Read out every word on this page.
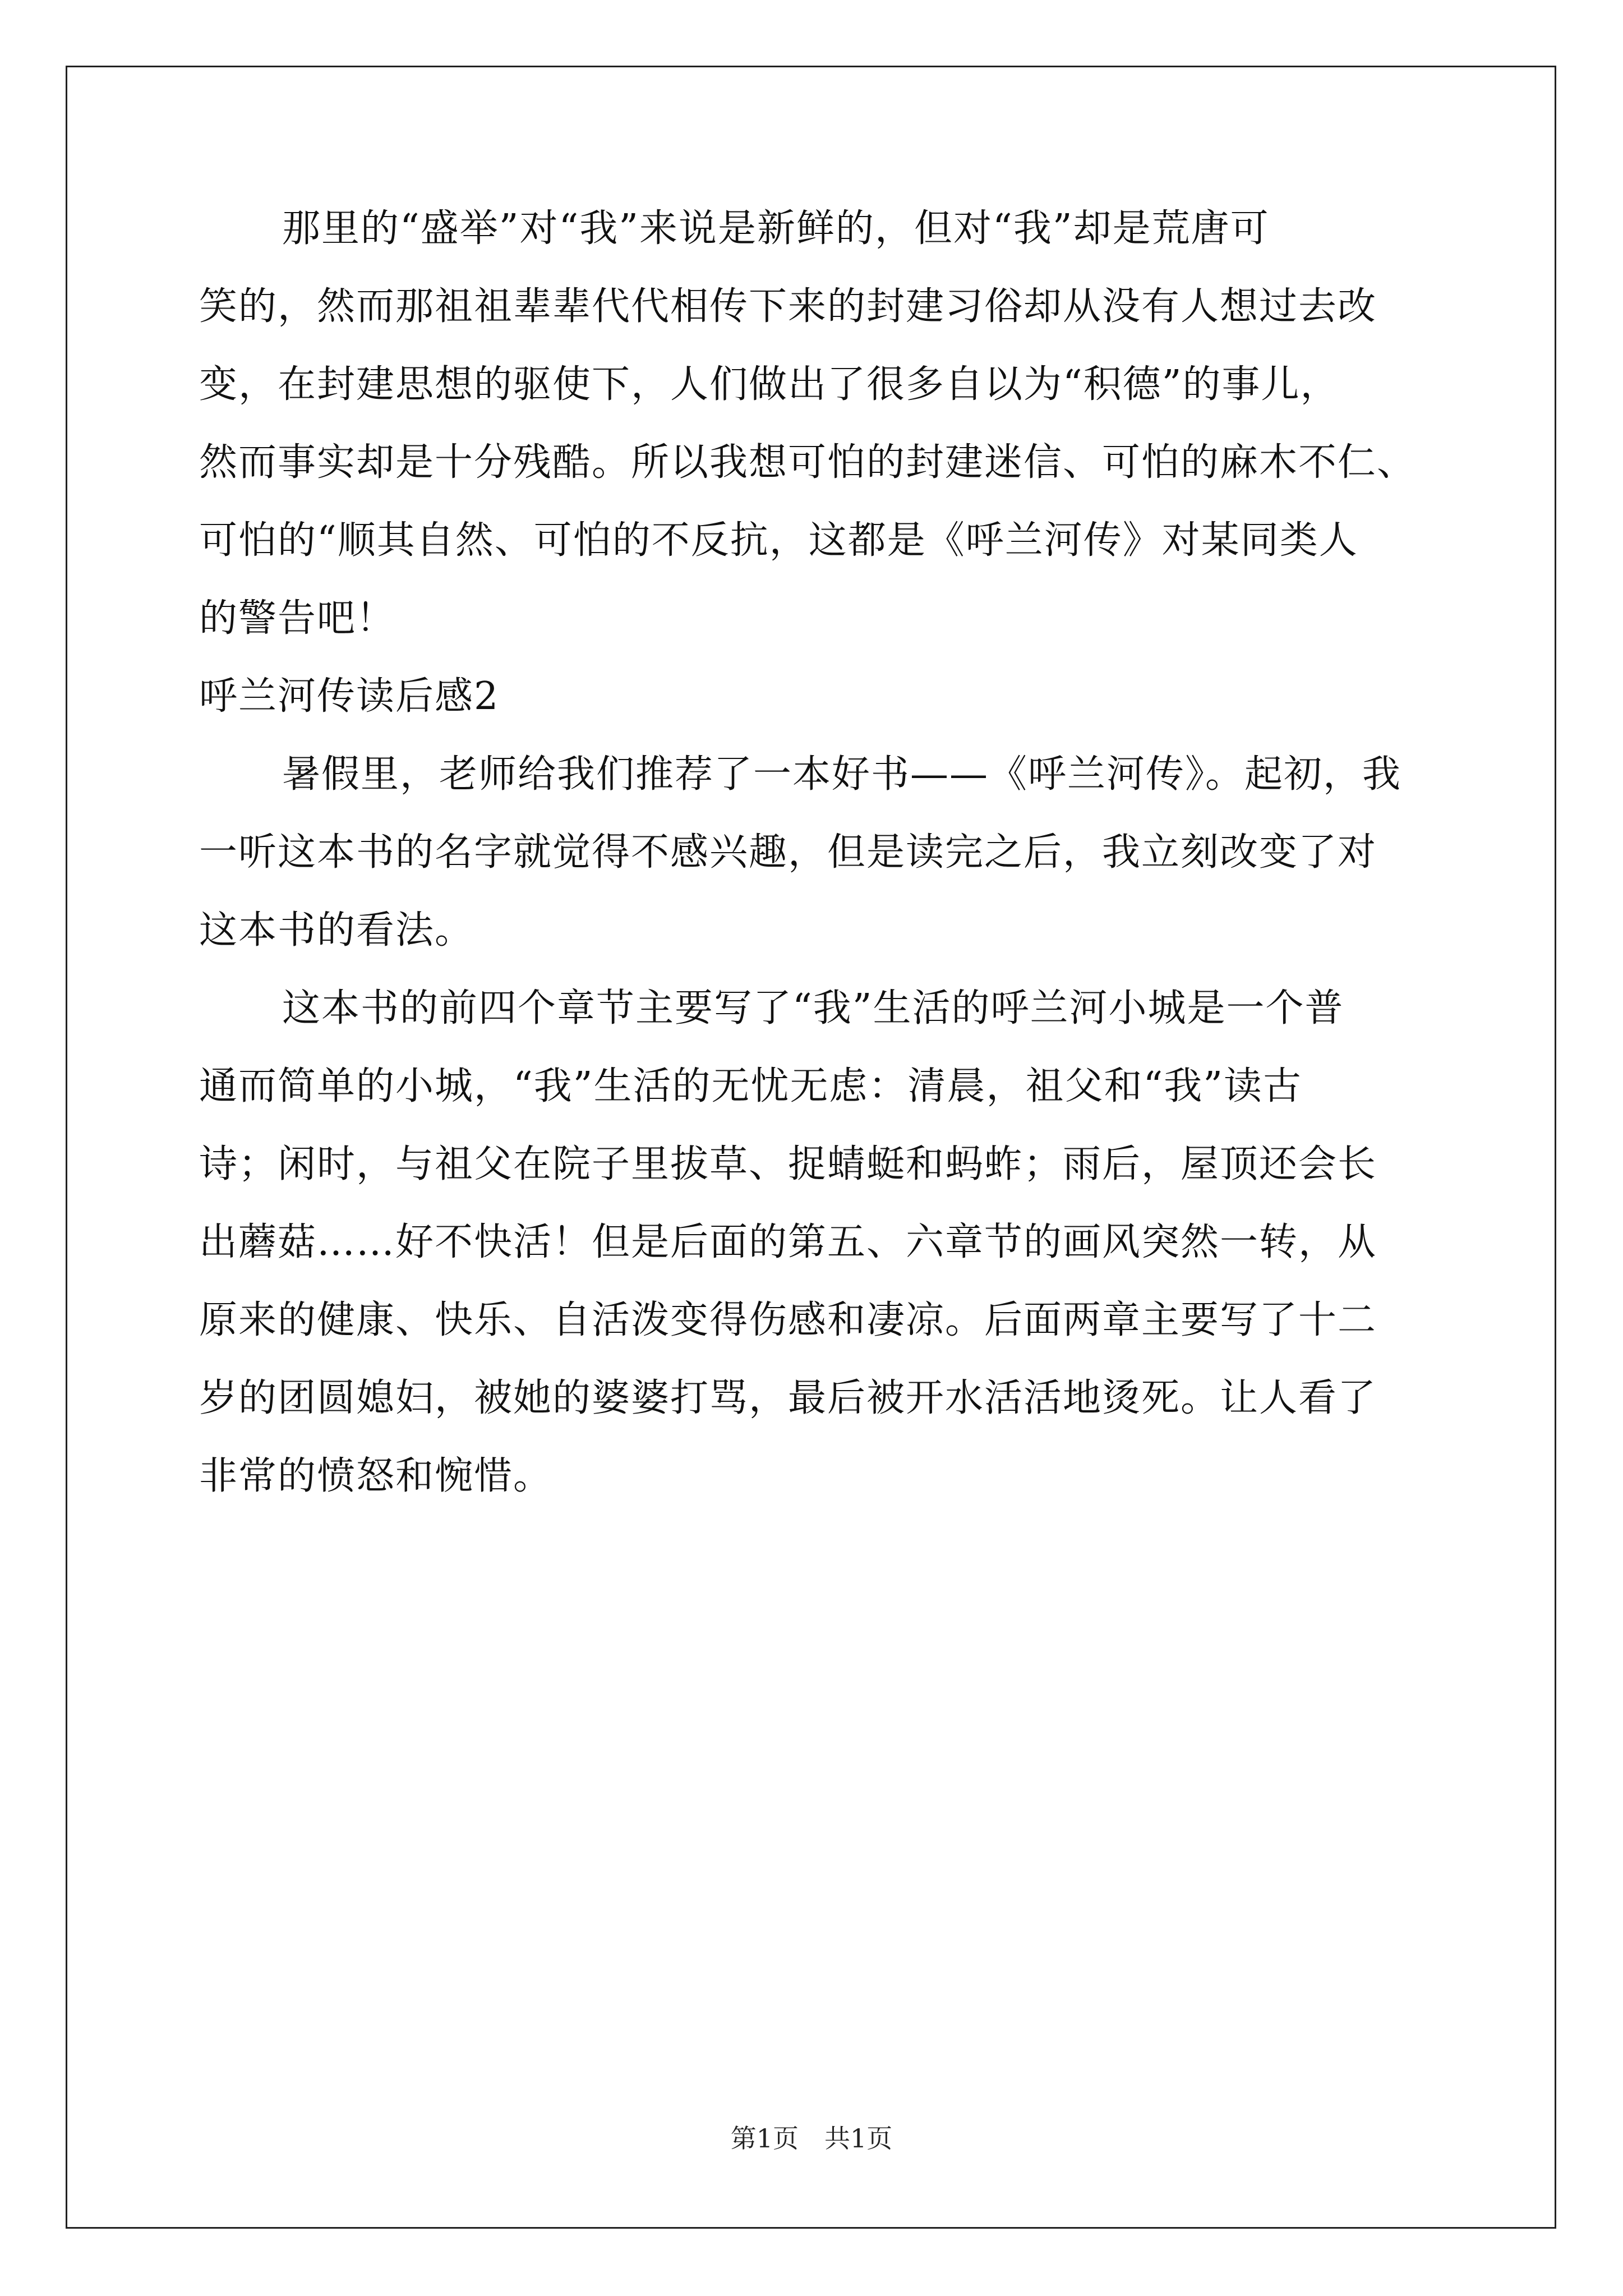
那里的“盛举”对“我”来说是新鲜的，但对“我”却是荒唐可
笑的，然而那祖祖辈辈代代相传下来的封建习俗却从没有人想过去改
变，在封建思想的驱使下，人们做出了很多自以为“积德”的事儿，
然而事实却是十分残酷。所以我想可怕的封建迷信、可怕的麻木不仁、
可怕的“顺其自然、可怕的不反抗，这都是《呼兰河传》对某同类人
的警告吧！
呼兰河传读后感2
暑假里，老师给我们推荐了一本好书——《呼兰河传》。起初，我
一听这本书的名字就觉得不感兴趣，但是读完之后，我立刻改变了对
这本书的看法。
这本书的前四个章节主要写了“我”生活的呼兰河小城是一个普
通而简单的小城，“我”生活的无忧无虑：清晨，祖父和“我”读古
诗；闲时，与祖父在院子里拔草、捉蜻蜓和蚂蚱；雨后，屋顶还会长
出蘑菇……好不快活！但是后面的第五、六章节的画风突然一转，从
原来的健康、快乐、自活泼变得伤感和凄凉。后面两章主要写了十二
岁的团圆媳妇，被她的婆婆打骂，最后被开水活活地烫死。让人看了
非常的愤怒和惋惜。
第1页　共1页
